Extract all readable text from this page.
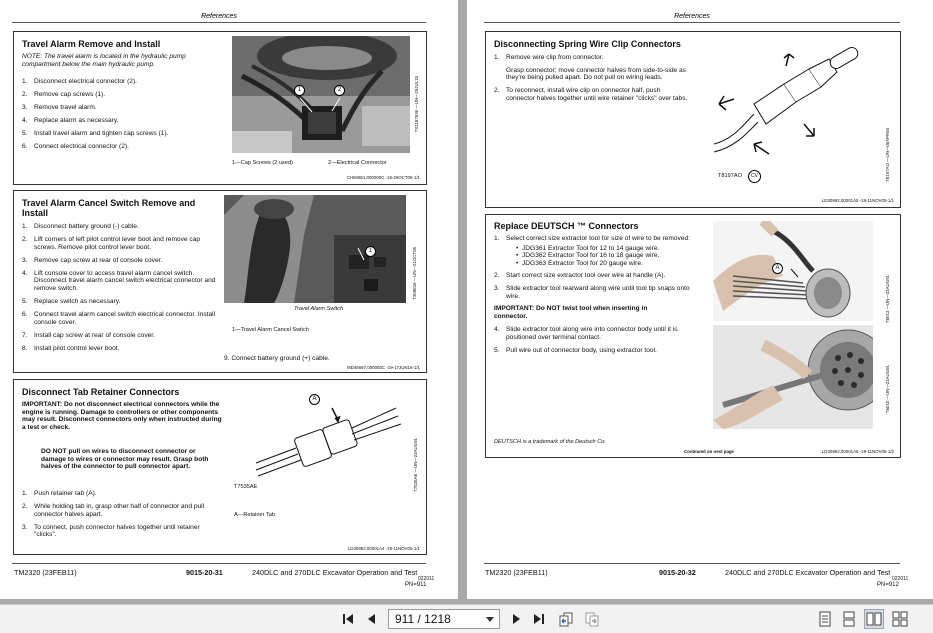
References
Travel Alarm Remove and Install
NOTE: The travel alarm is located in the hydraulic pump compartment below the main hydraulic pump.
1. Disconnect electrical connector (2).
2. Remove cap screws (1).
3. Remove travel alarm.
4. Replace alarm as necessary.
5. Install travel alarm and tighten cap screws (1).
6. Connect electrical connector (2).
1	2	TX1187636 —UN—29JUL15
1—Cap Screws (2 used)	2—Electrical Connector
CH60861,000000C -19-26OCT05-1/1
Travel Alarm Cancel Switch Remove and Install
1. Disconnect battery ground (-) cable.
2. Lift corners of left pilot control lever boot and remove cap screws. Remove pilot control lever boot.
3. Remove cap screw at rear of console cover.
4. Lift console cover to access travel alarm cancel switch. Disconnect travel alarm cancel switch electrical connector and remove switch.
5. Replace switch as necessary.
6. Connect travel alarm cancel switch electrical connector. Install console cover.
7. Install cap screw at rear of console cover.
8. Install pilot control lever boot.
1
Travel Alarm Switch
T209816 —UN—21OCT05
1—Travel Alarm Cancel Switch
9. Connect battery ground (+) cable.
MD46697,000000C -19-17JUN16-1/1
Disconnect Tab Retainer Connectors
IMPORTANT: Do not disconnect electrical connectors while the engine is running. Damage to controllers or other components may result. Disconnect connectors only when instructed during a test or check.
DO NOT pull on wires to disconnect connector or damage to wires or connector may result. Grasp both halves of the connector to pull connector apart.
1. Push retainer tab (A).
2. While holding tab in, grasp other half of connector and pull connector halves apart.
3. To connect, push connector halves together until retainer "clicks".
A
T7535AE
A—Retainer Tab
T7535AE —UN—23AUG91
LD30992,00001A4 -19-11NOV05-1/1
TM2320 (23FEB11)	9015-20-31	240DLC and 270DLC Excavator Operation and Test
022011
PN=911
References
Disconnecting Spring Wire Clip Connectors
1. Remove wire clip from connector.
Grasp connector; move connector halves from side-to-side as they're being pulled apart. Do not pull on wiring leads.
2. To reconnect, install wire clip on connector half, push connector halves together until wire retainer "clicks" over tabs.
T8197AO	CV	T8197AO —UN—06APR94
LD30992,00001A5 -19-11NOV05-1/1
Replace DEUTSCH ™ Connectors
1. Select correct size extractor tool for size of wire to be removed:
• JDG361 Extractor Tool for 12 to 14 gauge wire.
• JDG362 Extractor Tool for 16 to 18 gauge wire.
• JDG363 Extractor Tool for 20 gauge wire.
2. Start correct size extractor tool over wire at handle (A).
3. Slide extractor tool rearward along wire until tool tip snaps onto wire.
IMPORTANT: Do NOT twist tool when inserting in connector.
4. Slide extractor tool along wire into connector body until it is positioned over terminal contact.
5. Pull wire out of connector body, using extractor tool.
A
T6013 —UN—23AUG91
T6010 —UN—23AUG91
DEUTSCH is a trademark of the Deutsch Co.
Continued on next page	LD30992,00001A6 -19-11NOV05-1/2
TM2320 (23FEB11)	9015-20-32	240DLC and 270DLC Excavator Operation and Test
022011
PN=912
911 / 1218
